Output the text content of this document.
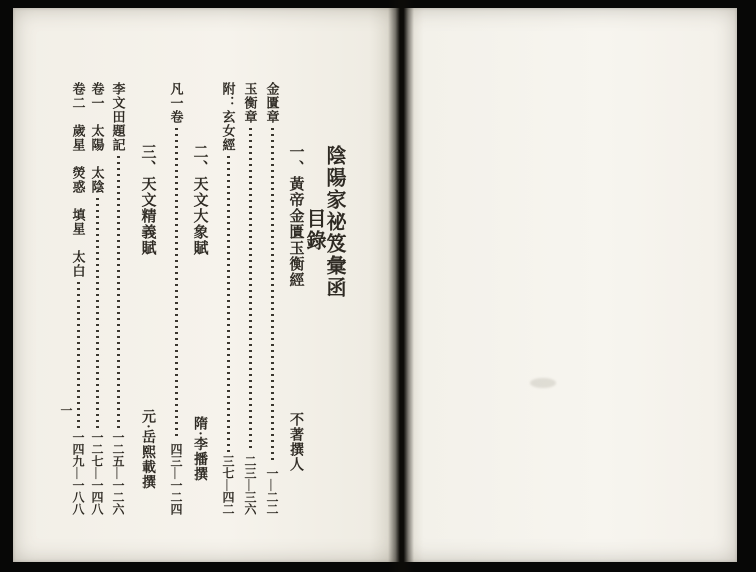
陰陽家祕笈彙函
目錄
一、黃帝金匱玉衡經
不著撰人
金匱章
一—二二
玉衡章
二三—三六
附：玄女經
三七—四二
二、天文大象賦
隋·李播撰
凡一卷
四三—一二四
三、天文精義賦
元·岳熙載撰
李文田題記
一二五—一二六
卷一　太陽　太陰
一二七—一四八
卷二　歲星　熒惑　填星　太白
一四九—一八八
一
